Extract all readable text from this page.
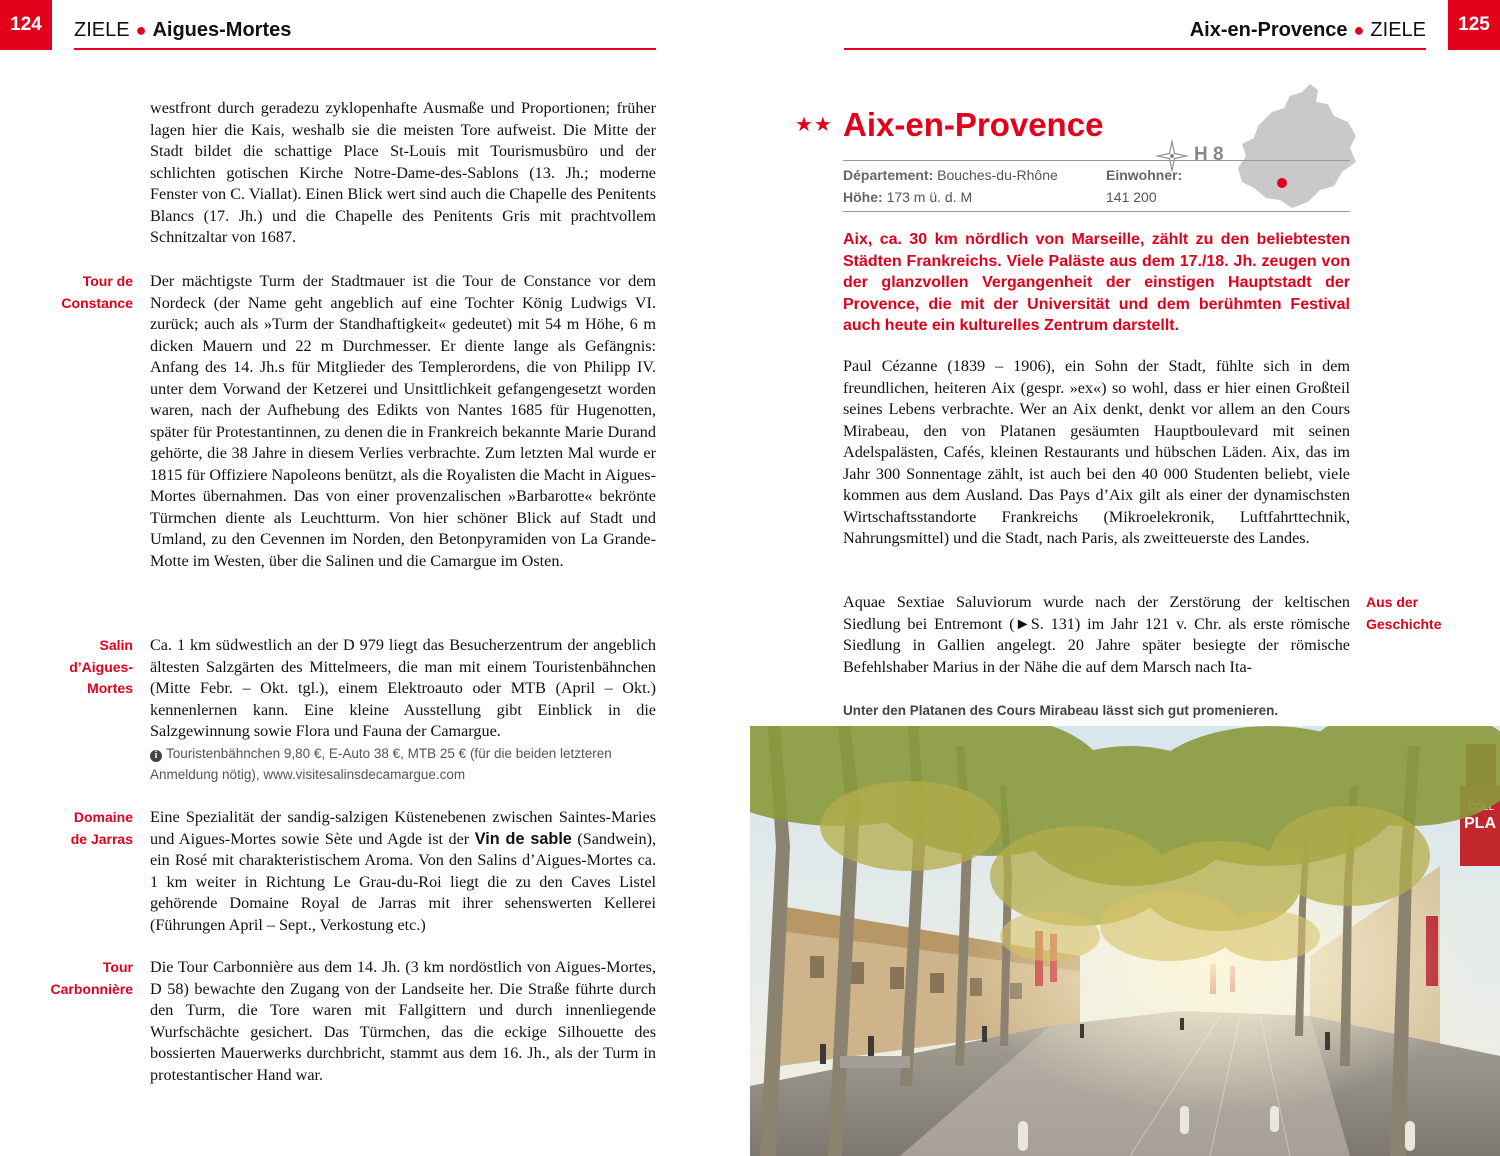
124	ZIELE ● Aigues-Mortes
westfront durch geradezu zyklopenhafte Ausmaße und Proportionen; früher lagen hier die Kais, weshalb sie die meisten Tore aufweist. Die Mitte der Stadt bildet die schattige Place St-Louis mit Tourismusbüro und der schlichten gotischen Kirche Notre-Dame-des-Sablons (13. Jh.; moderne Fenster von C. Viallat). Einen Blick wert sind auch die Chapelle des Penitents Blancs (17. Jh.) und die Chapelle des Penitents Gris mit prachtvollem Schnitzaltar von 1687.
Tour de
Constance
Der mächtigste Turm der Stadtmauer ist die Tour de Constance vor dem Nordeck (der Name geht angeblich auf eine Tochter König Ludwigs VI. zurück; auch als »Turm der Standhaftigkeit« gedeutet) mit 54 m Höhe, 6 m dicken Mauern und 22 m Durchmesser. Er diente lange als Gefängnis: Anfang des 14. Jh.s für Mitglieder des Templerordens, die von Philipp IV. unter dem Vorwand der Ketzerei und Unsittlichkeit gefangengesetzt worden waren, nach der Aufhebung des Edikts von Nantes 1685 für Hugenotten, später für Protestantinnen, zu denen die in Frankreich bekannte Marie Durand gehörte, die 38 Jahre in diesem Verlies verbrachte. Zum letzten Mal wurde er 1815 für Offiziere Napoleons benützt, als die Royalisten die Macht in Aigues-Mortes übernahmen. Das von einer provenzalischen »Barbarotte« bekrönte Türmchen diente als Leuchtturm. Von hier schöner Blick auf Stadt und Umland, zu den Cevennen im Norden, den Betonpyramiden von La Grande-Motte im Westen, über die Salinen und die Camargue im Osten.
Salin
d’Aigues-
Mortes
Ca. 1 km südwestlich an der D 979 liegt das Besucherzentrum der angeblich ältesten Salzgärten des Mittelmeers, die man mit einem Touristenbähnchen (Mitte Febr. – Okt. tgl.), einem Elektroauto oder MTB (April – Okt.) kennenlernen kann. Eine kleine Ausstellung gibt Einblick in die Salzgewinnung sowie Flora und Fauna der Camargue.
i Touristenbähnchen 9,80 €, E-Auto 38 €, MTB 25 € (für die beiden letzteren Anmeldung nötig), www.visitesalinsdecamargue.com
Domaine
de Jarras
Eine Spezialität der sandig-salzigen Küstenebenen zwischen Saintes-Maries und Aigues-Mortes sowie Sète und Agde ist der Vin de sable (Sandwein), ein Rosé mit charakteristischem Aroma. Von den Salins d’Aigues-Mortes ca. 1 km weiter in Richtung Le Grau-du-Roi liegt die zu den Caves Listel gehörende Domaine Royal de Jarras mit ihrer sehenswerten Kellerei (Führungen April – Sept., Verkostung etc.)
Tour
Carbonnière
Die Tour Carbonnière aus dem 14. Jh. (3 km nordöstlich von Aigues-Mortes, D 58) bewachte den Zugang von der Landseite her. Die Straße führte durch den Turm, die Tore waren mit Fallgittern und durch innenliegende Wurfschächte gesichert. Das Türmchen, das die eckige Silhouette des bossierten Mauerwerks durchbricht, stammt aus dem 16. Jh., als der Turm in protestantischer Hand war.
Aix-en-Provence ● ZIELE	125
★★ Aix-en-Provence
H 8
Département: Bouches-du-Rhône
Höhe: 173 m ü. d. M
Einwohner:
141 200
Aix, ca. 30 km nördlich von Marseille, zählt zu den beliebtesten Städten Frankreichs. Viele Paläste aus dem 17./18. Jh. zeugen von der glanzvollen Vergangenheit der einstigen Hauptstadt der Provence, die mit der Universität und dem berühmten Festival auch heute ein kulturelles Zentrum darstellt.
Paul Cézanne (1839 – 1906), ein Sohn der Stadt, fühlte sich in dem freundlichen, heiteren Aix (gespr. »ex«) so wohl, dass er hier einen Großteil seines Lebens verbrachte. Wer an Aix denkt, denkt vor allem an den Cours Mirabeau, den von Platanen gesäumten Hauptboulevard mit seinen Adelspalästen, Cafés, kleinen Restaurants und hübschen Läden. Aix, das im Jahr 300 Sonnentage zählt, ist auch bei den 40 000 Studenten beliebt, viele kommen aus dem Ausland. Das Pays d’Aix gilt als einer der dynamischsten Wirtschaftsstandorte Frankreichs (Mikroelekronik, Luftfahrttechnik, Nahrungsmittel) und die Stadt, nach Paris, als zweitteuerste des Landes.
Aquae Sextiae Saluviorum wurde nach der Zerstörung der keltischen Siedlung bei Entremont (►S. 131) im Jahr 121 v. Chr. als erste römische Siedlung in Gallien angelegt. 20 Jahre später besiegte der römische Befehlshaber Marius in der Nähe die auf dem Marsch nach Ita-
Aus der
Geschichte
Unter den Platanen des Cours Mirabeau lässt sich gut promenieren.
